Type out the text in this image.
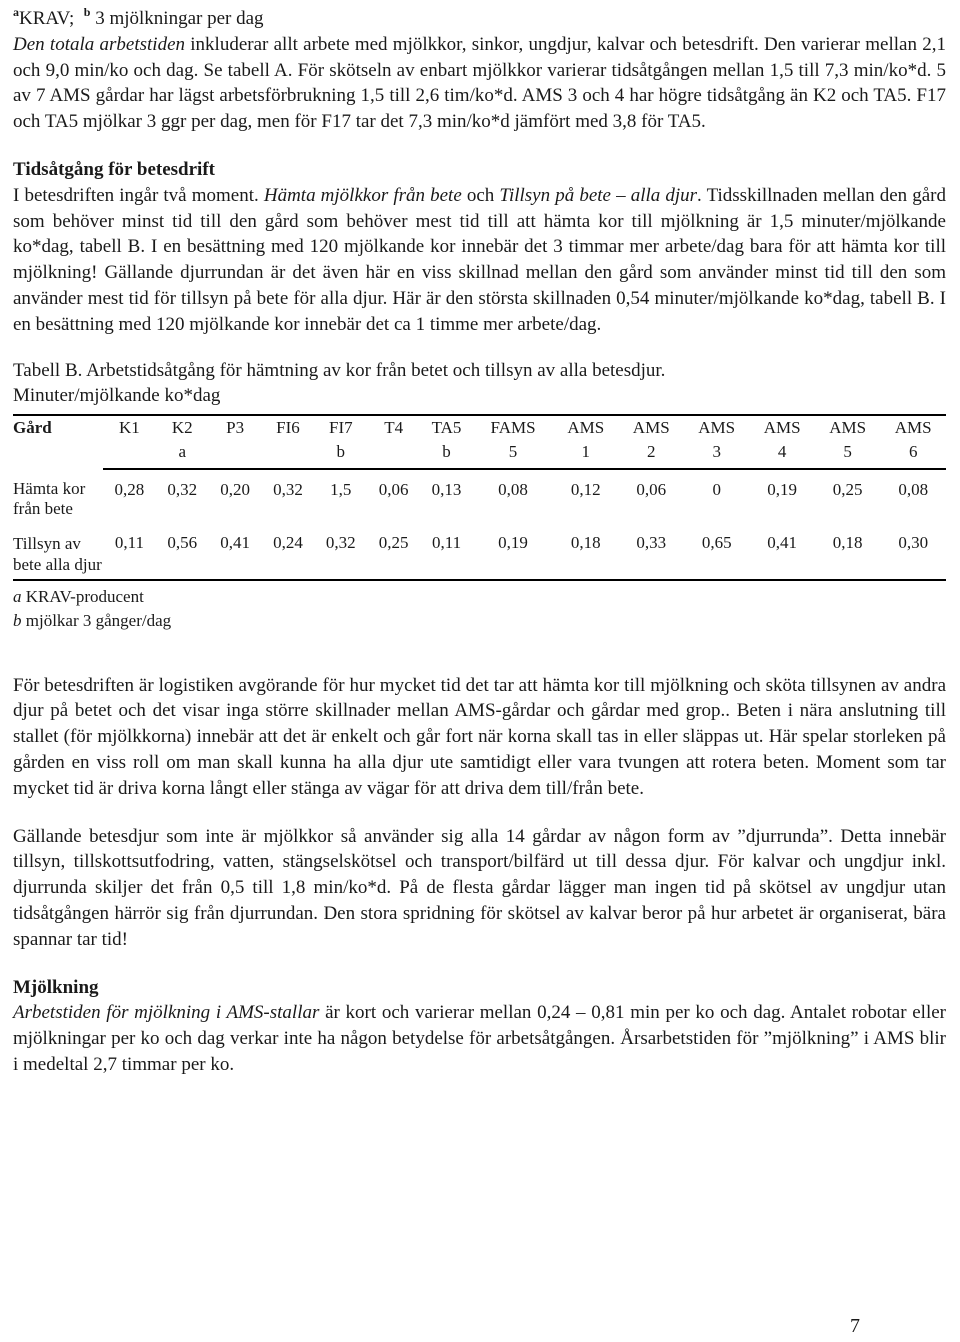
$^a$KRAV; $^b$ 3 mjölkningar per dag

Den totala arbetstiden inkluderar allt arbete med mjölkkor, sinkor, ungdjur, kalvar och betesdrift. Den varierar mellan 2,1 och 9,0 min/ko och dag. Se tabell A. För skötseln av enbart mjölkkor varierar tidsåtgången mellan 1,5 till 7,3 min/ko*d. 5 av 7 AMS gårdar har lägst arbetsförbrukning 1,5 till 2,6 tim/ko*d. AMS 3 och 4 har högre tidsåtgång än K2 och TA5. F17 och TA5 mjölkar 3 ggr per dag, men för F17 tar det 7,3 min/ko*d jämfört med 3,8 för TA5.

Tidsåtgång för betesdrift

I betesdriften ingår två moment. Hämta mjölkkor från bete och Tillsyn på bete – alla djur. Tidsskillnaden mellan den gård som behöver minst tid till den gård som behöver mest tid till att hämta kor till mjölkning är 1,5 minuter/mjölkande ko*dag, tabell B. I en besättning med 120 mjölkande kor innebär det 3 timmar mer arbete/dag bara för att hämta kor till mjölkning! Gällande djurrundan är det även här en viss skillnad mellan den gård som använder minst tid till den som använder mest tid för tillsyn på bete för alla djur. Här är den största skillnaden 0,54 minuter/mjölkande ko*dag, tabell B. I en besättning med 120 mjölkande kor innebär det ca 1 timme mer arbete/dag.

Tabell B. Arbetstidsåtgång för hämtning av kor från betet och tillsyn av alla betesdjur.

Minuter/mjölkande ko*dag

Gård	K1	K2	P3	FI6	FI7	T4	TA5	FAMS	AMS	AMS	AMS	AMS	AMS	AMS
		a			b		b	5	1	2	3	4	5	6
Hämta kor från bete	0,28	0,32	0,20	0,32	1,5	0,06	0,13	0,08	0,12	0,06	0	0,19	0,25	0,08
Tillsyn av bete alla djur	0,11	0,56	0,41	0,24	0,32	0,25	0,11	0,19	0,18	0,33	0,65	0,41	0,18	0,30
a KRAV-producent
b mjölkar 3 gånger/dag

För betesdriften är logistiken avgörande för hur mycket tid det tar att hämta kor till mjölkning och sköta tillsynen av andra djur på betet och det visar inga större skillnader mellan AMS-gårdar och gårdar med grop.. Beten i nära anslutning till stallet (för mjölkkorna) innebär att det är enkelt och går fort när korna skall tas in eller släppas ut. Här spelar storleken på gården en viss roll om man skall kunna ha alla djur ute samtidigt eller vara tvungen att rotera beten. Moment som tar mycket tid är driva korna långt eller stänga av vägar för att driva dem till/från bete.

Gällande betesdjur som inte är mjölkkor så använder sig alla 14 gårdar av någon form av ”djurrunda”. Detta innebär tillsyn, tillskottsutfodring, vatten, stängselskötsel och transport/bilfärd ut till dessa djur. För kalvar och ungdjur inkl. djurrunda skiljer det från 0,5 till 1,8 min/ko*d. På de flesta gårdar lägger man ingen tid på skötsel av ungdjur utan tidsåtgången härrör sig från djurrundan. Den stora spridning för skötsel av kalvar beror på hur arbetet är organiserat, bära spannar tar tid!

Mjölkning

Arbetstiden för mjölkning i AMS-stallar är kort och varierar mellan 0,24 – 0,81 min per ko och dag. Antalet robotar eller mjölkningar per ko och dag verkar inte ha någon betydelse för arbetsåtgången. Årsarbetstiden för ”mjölkning” i AMS blir i medeltal 2,7 timmar per ko.

7
